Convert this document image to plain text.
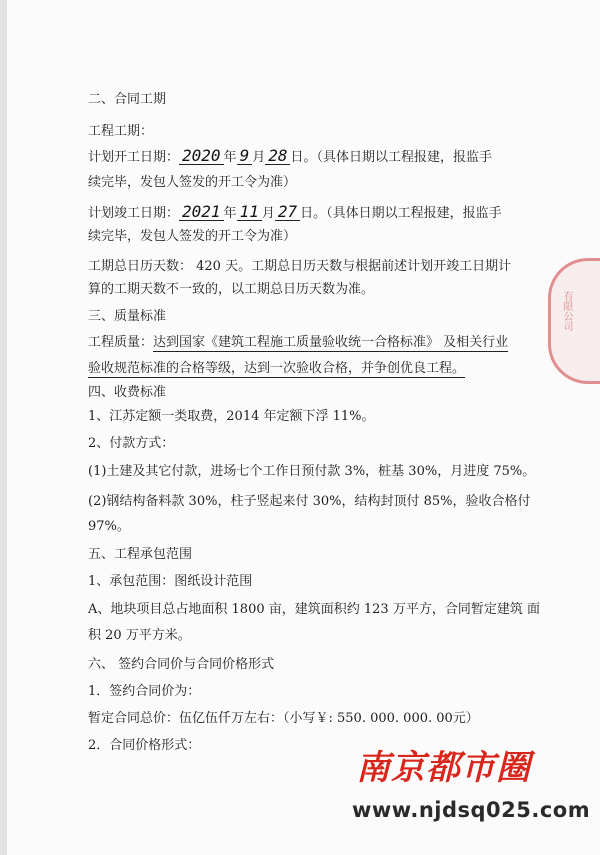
二、合同工期
工程工期：
计划开工日期： 2020 年 9 月 28 日。（具体日期以工程报建，报监手
续完毕，发包人签发的开工令为准）
计划竣工日期： 2021 年 11 月 27 日。（具体日期以工程报建，报监手
续完毕，发包人签发的开工令为准）
工期总日历天数： 420 天。工期总日历天数与根据前述计划开竣工日期计
算的工期天数不一致的，以工期总日历天数为准。
三、质量标准
工程质量：达到国家《建筑工程施工质量验收统一合格标准》 及相关行业
验收规范标准的合格等级，达到一次验收合格，并争创优良工程。
四、收费标准
1、江苏定额一类取费，2014 年定额下浮 11%。
2、付款方式：
(1)土建及其它付款，进场七个工作日预付款 3%，桩基 30%，月进度 75%。
(2)钢结构备料款 30%，柱子竖起来付 30%，结构封顶付 85%，验收合格付
97%。
五、工程承包范围
1、承包范围：图纸设计范围
A、地块项目总占地面积 1800 亩，建筑面积约 123 万平方，合同暂定建筑 面
积 20 万平方米。
六、 签约合同价与合同价格形式
1．签约合同价为：
暂定合同总价：伍亿伍仟万左右：（小写￥: 550. 000. 000. 00元）
2．合同价格形式：
有限公司
南京都市圈
www.njdsq025.com
